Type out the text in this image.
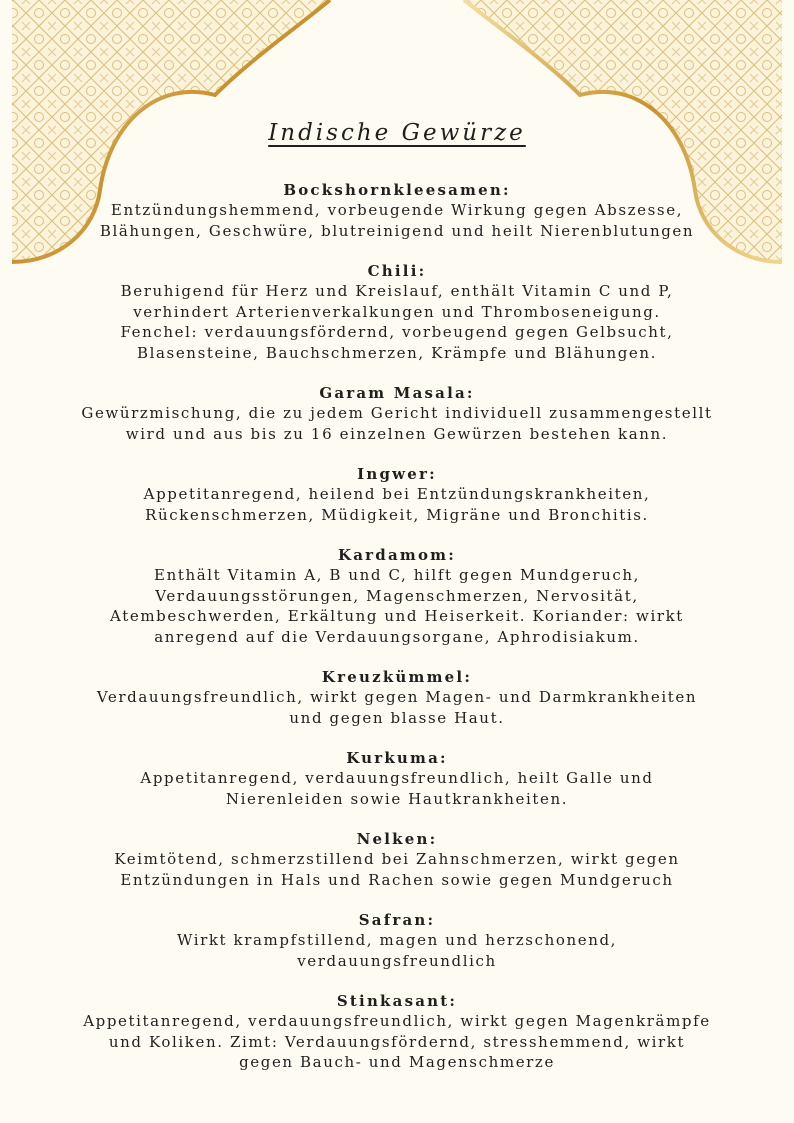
Indische Gewürze

Bockshornkleesamen:

Entzündungshemmend, vorbeugende Wirkung gegen Abszesse,
Blähungen, Geschwüre, blutreinigend und heilt Nierenblutungen

Chili:

Beruhigend für Herz und Kreislauf, enthält Vitamin C und P,
verhindert Arterienverkalkungen und Thromboseneigung.
Fenchel: verdauungsfördernd, vorbeugend gegen Gelbsucht,
Blasensteine, Bauchschmerzen, Krämpfe und Blähungen.

Garam Masala:

Gewürzmischung, die zu jedem Gericht individuell zusammengestellt
wird und aus bis zu 16 einzelnen Gewürzen bestehen kann.

Ingwer:

Appetitanregend, heilend bei Entzündungskrankheiten,
Rückenschmerzen, Müdigkeit, Migräne und Bronchitis.

Kardamom:

Enthält Vitamin A, B und C, hilft gegen Mundgeruch,
Verdauungsstörungen, Magenschmerzen, Nervosität,
Atembeschwerden, Erkältung und Heiserkeit. Koriander: wirkt
anregend auf die Verdauungsorgane, Aphrodisiakum.

Kreuzkümmel:

Verdauungsfreundlich, wirkt gegen Magen- und Darmkrankheiten
und gegen blasse Haut.

Kurkuma:

Appetitanregend, verdauungsfreundlich, heilt Galle und
Nierenleiden sowie Hautkrankheiten.

Nelken:

Keimtötend, schmerzstillend bei Zahnschmerzen, wirkt gegen
Entzündungen in Hals und Rachen sowie gegen Mundgeruch

Safran:

Wirkt krampfstillend, magen und herzschonend,
verdauungsfreundlich

Stinkasant:

Appetitanregend, verdauungsfreundlich, wirkt gegen Magenkrämpfe
und Koliken. Zimt: Verdauungsfördernd, stresshemmend, wirkt
gegen Bauch- und Magenschmerze
